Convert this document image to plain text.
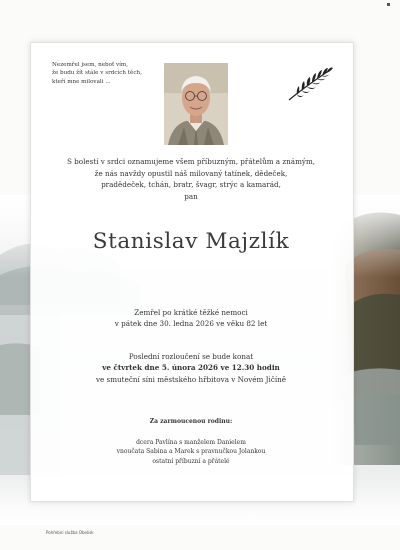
Nezemřel jsem, neboť vím,
že budu žít stále v srdcích těch,
kteří mne milovali ...
S bolestí v srdci oznamujeme všem příbuzným, přátelům a známým,
že nás navždy opustil náš milovaný tatínek, dědeček,
pradědeček, tchán, bratr, švagr, strýc a kamarád,
pan
Stanislav Majzlík
Zemřel po krátké těžké nemoci
v pátek dne 30. ledna 2026 ve věku 82 let
Poslední rozloučení se bude konat
ve čtvrtek dne 5. února 2026 ve 12.30 hodin
ve smuteční síni městského hřbitova v Novém Jičíně
Za zarmoucenou rodinu:
dcera Pavlína s manželem Danielem
vnoučata Sabina a Marek s pravnučkou Jolankou
ostatní příbuzní a přátelé
Pohřební služba Obelisk
